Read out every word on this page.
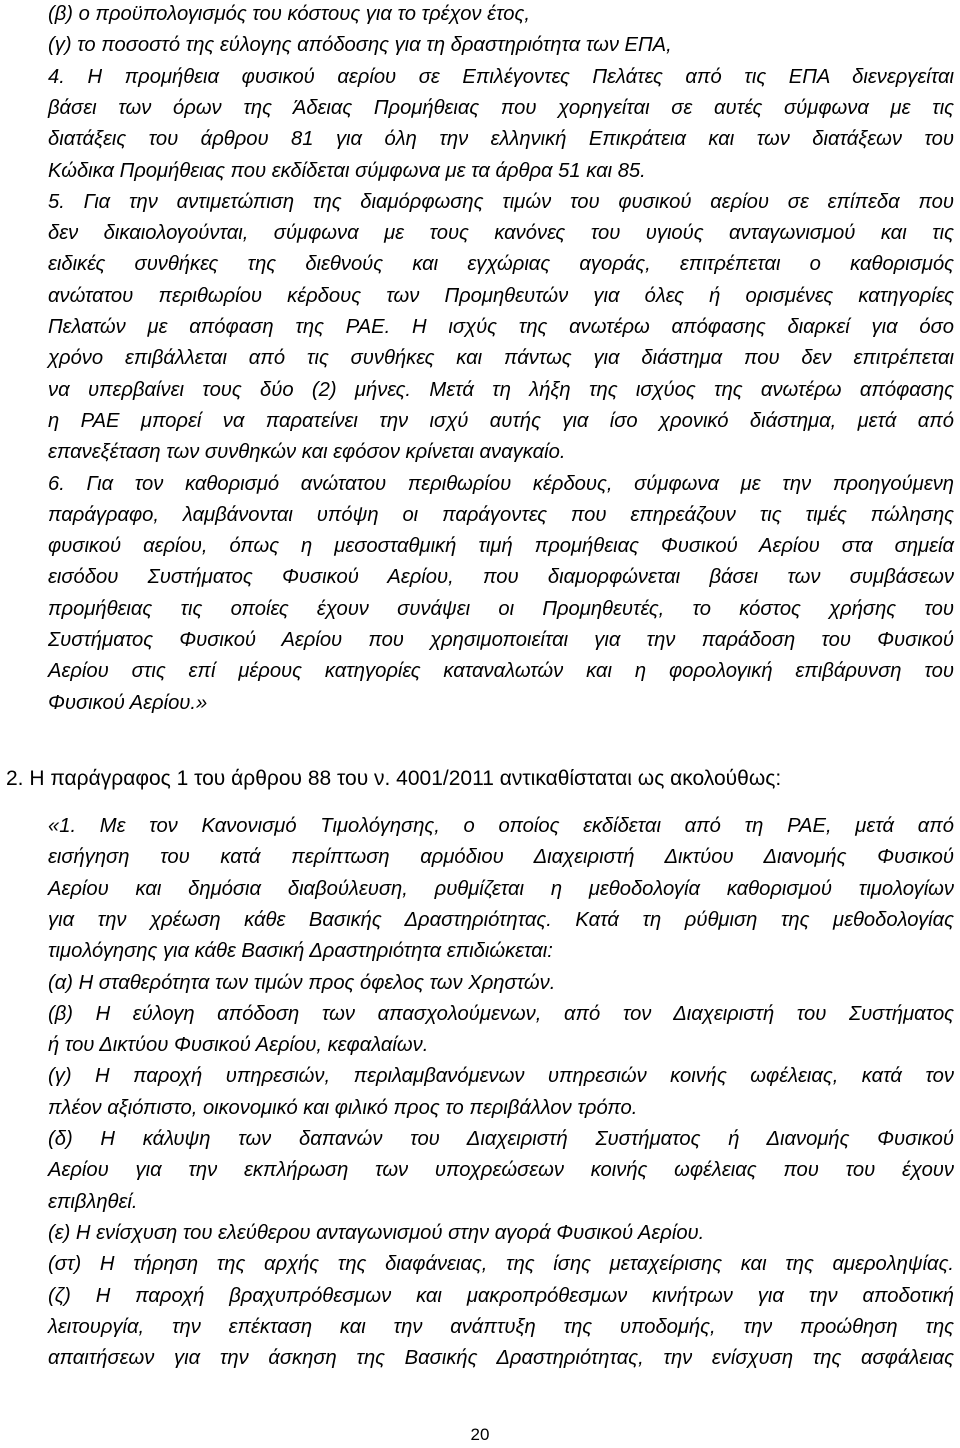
(β) ο προϋπολογισμός του κόστους για το τρέχον έτος,
(γ) το ποσοστό της εύλογης απόδοσης για τη δραστηριότητα των ΕΠΑ,
4. Η προμήθεια φυσικού αερίου σε Επιλέγοντες Πελάτες από τις ΕΠΑ διενεργείται
βάσει των όρων της Άδειας Προμήθειας που χορηγείται σε αυτές σύμφωνα με τις
διατάξεις του άρθρου 81 για όλη την ελληνική Επικράτεια και των διατάξεων του
Κώδικα Προμήθειας που εκδίδεται σύμφωνα με τα άρθρα 51 και 85.
5. Για την αντιμετώπιση της διαμόρφωσης τιμών του φυσικού αερίου σε επίπεδα που
δεν δικαιολογούνται, σύμφωνα με τους κανόνες του υγιούς ανταγωνισμού και τις
ειδικές συνθήκες της διεθνούς και εγχώριας αγοράς, επιτρέπεται ο καθορισμός
ανώτατου περιθωρίου κέρδους των Προμηθευτών για όλες ή ορισμένες κατηγορίες
Πελατών με απόφαση της ΡΑΕ. Η ισχύς της ανωτέρω απόφασης διαρκεί για όσο
χρόνο επιβάλλεται από τις συνθήκες και πάντως για διάστημα που δεν επιτρέπεται
να υπερβαίνει τους δύο (2) μήνες. Μετά τη λήξη της ισχύος της ανωτέρω απόφασης
η ΡΑΕ μπορεί να παρατείνει την ισχύ αυτής για ίσο χρονικό διάστημα, μετά από
επανεξέταση των συνθηκών και εφόσον κρίνεται αναγκαίο.
6. Για τον καθορισμό ανώτατου περιθωρίου κέρδους, σύμφωνα με την προηγούμενη
παράγραφο, λαμβάνονται υπόψη οι παράγοντες που επηρεάζουν τις τιμές πώλησης
φυσικού αερίου, όπως η μεσοσταθμική τιμή προμήθειας Φυσικού Αερίου στα σημεία
εισόδου Συστήματος Φυσικού Αερίου, που διαμορφώνεται βάσει των συμβάσεων
προμήθειας τις οποίες έχουν συνάψει οι Προμηθευτές, το κόστος χρήσης του
Συστήματος Φυσικού Αερίου που χρησιμοποιείται για την παράδοση του Φυσικού
Αερίου στις επί μέρους κατηγορίες καταναλωτών και η φορολογική επιβάρυνση του
Φυσικού Αερίου.»
2. Η παράγραφος 1 του άρθρου 88 του ν. 4001/2011 αντικαθίσταται ως ακολούθως:
«1. Με τον Κανονισμό Τιμολόγησης, ο οποίος εκδίδεται από τη ΡΑΕ, μετά από
εισήγηση του κατά περίπτωση αρμόδιου Διαχειριστή Δικτύου Διανομής Φυσικού
Αερίου και δημόσια διαβούλευση, ρυθμίζεται η μεθοδολογία καθορισμού τιμολογίων
για την χρέωση κάθε Βασικής Δραστηριότητας. Κατά τη ρύθμιση της μεθοδολογίας
τιμολόγησης για κάθε Βασική Δραστηριότητα επιδιώκεται:
(α) Η σταθερότητα των τιμών προς όφελος των Χρηστών.
(β) Η εύλογη απόδοση των απασχολούμενων, από τον Διαχειριστή του Συστήματος
ή του Δικτύου Φυσικού Αερίου, κεφαλαίων.
(γ) Η παροχή υπηρεσιών, περιλαμβανόμενων υπηρεσιών κοινής ωφέλειας, κατά τον
πλέον αξιόπιστο, οικονομικό και φιλικό προς το περιβάλλον τρόπο.
(δ) Η κάλυψη των δαπανών του Διαχειριστή Συστήματος ή Διανομής Φυσικού
Αερίου για την εκπλήρωση των υποχρεώσεων κοινής ωφέλειας που του έχουν
επιβληθεί.
(ε) Η ενίσχυση του ελεύθερου ανταγωνισμού στην αγορά Φυσικού Αερίου.
(στ) Η τήρηση της αρχής της διαφάνειας, της ίσης μεταχείρισης και της αμεροληψίας.
(ζ) Η παροχή βραχυπρόθεσμων και μακροπρόθεσμων κινήτρων για την αποδοτική
λειτουργία, την επέκταση και την ανάπτυξη της υποδομής, την προώθηση της
απαιτήσεων για την άσκηση της Βασικής Δραστηριότητας, την ενίσχυση της ασφάλειας
20
